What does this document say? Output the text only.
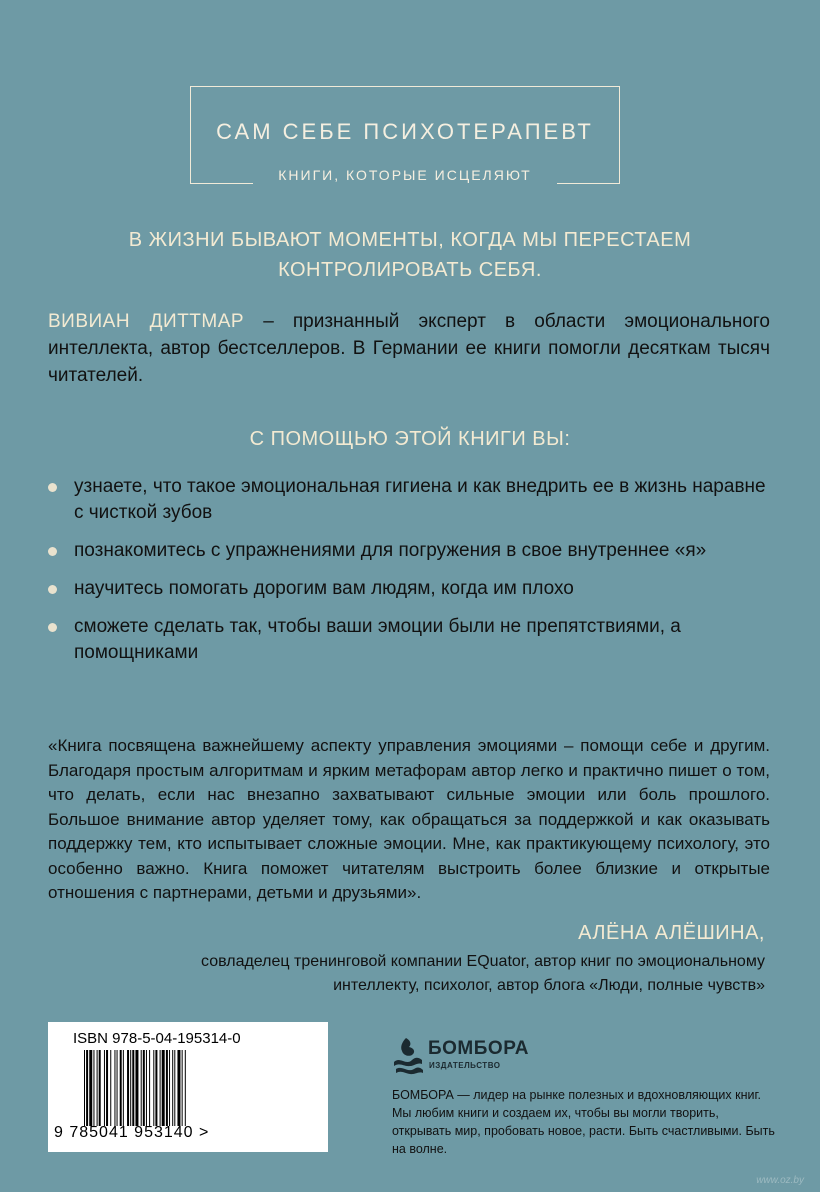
САМ СЕБЕ ПСИХОТЕРАПЕВТ
КНИГИ, КОТОРЫЕ ИСЦЕЛЯЮТ
В ЖИЗНИ БЫВАЮТ МОМЕНТЫ, КОГДА МЫ ПЕРЕСТАЕМ
КОНТРОЛИРОВАТЬ СЕБЯ.
ВИВИАН ДИТТМАР – признанный эксперт в области эмоционального интеллекта, автор бестселлеров. В Германии ее книги помогли десяткам тысяч читателей.
С ПОМОЩЬЮ ЭТОЙ КНИГИ ВЫ:
узнаете, что такое эмоциональная гигиена и как внедрить ее в жизнь наравне с чисткой зубов
познакомитесь с упражнениями для погружения в свое внутреннее «я»
научитесь помогать дорогим вам людям, когда им плохо
сможете сделать так, чтобы ваши эмоции были не препятствиями, а помощниками
«Книга посвящена важнейшему аспекту управления эмоциями – помощи себе и другим. Благодаря простым алгоритмам и ярким метафорам автор легко и практично пишет о том, что делать, если нас внезапно захватывают сильные эмоции или боль прошлого. Большое внимание автор уделяет тому, как обращаться за поддержкой и как оказывать поддержку тем, кто испытывает сложные эмоции. Мне, как практикующему психологу, это особенно важно. Книга поможет читателям выстроить более близкие и открытые отношения с партнерами, детьми и друзьями».
АЛЁНА АЛЁШИНА,
совладелец тренинговой компании EQuator, автор книг по эмоциональному
интеллекту, психолог, автор блога «Люди, полные чувств»
ISBN 978-5-04-195314-0
9 785041 953140 >
БОМБОРА
ИЗДАТЕЛЬСТВО
БОМБОРА — лидер на рынке полезных и вдохновляющих книг. Мы любим книги и создаем их, чтобы вы могли творить, открывать мир, пробовать новое, расти. Быть счастливыми. Быть на волне.
www.oz.by
